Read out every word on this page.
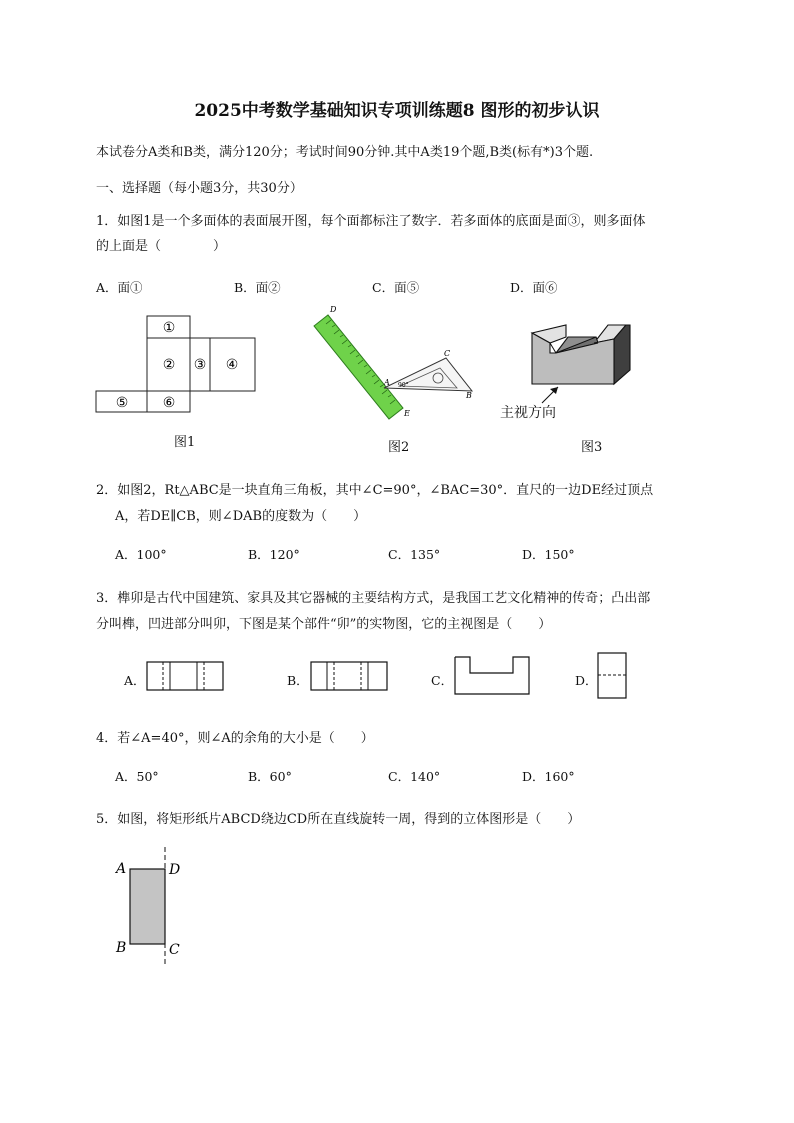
2025中考数学基础知识专项训练题8 图形的初步认识
本试卷分A类和B类，满分120分；考试时间90分钟.其中A类19个题,B类(标有*)3个题.
一、选择题（每小题3分，共30分）
1．如图1是一个多面体的表面展开图，每个面都标注了数字．若多面体的底面是面③，则多面体
的上面是（　　　　）
A．面①	B．面②	C．面⑤	D．面⑥
①
② ③ ④
⑤ ⑥
图1
D
C
A
B
E
90°
图2
主视方向
图3
2．如图2，Rt△ABC是一块直角三角板，其中∠C=90°，∠BAC=30°．直尺的一边DE经过顶点
A，若DE∥CB，则∠DAB的度数为（　　）
A．100°	B．120°	C．135°	D．150°
3．榫卯是古代中国建筑、家具及其它器械的主要结构方式，是我国工艺文化精神的传奇；凸出部
分叫榫，凹进部分叫卯，下图是某个部件“卯”的实物图，它的主视图是（　　）
A．	B．	C．	D．
4．若∠A=40°，则∠A的余角的大小是（　　）
A．50°	B．60°	C．140°	D．160°
5．如图，将矩形纸片ABCD绕边CD所在直线旋转一周，得到的立体图形是（　　）
A	D
B	C
